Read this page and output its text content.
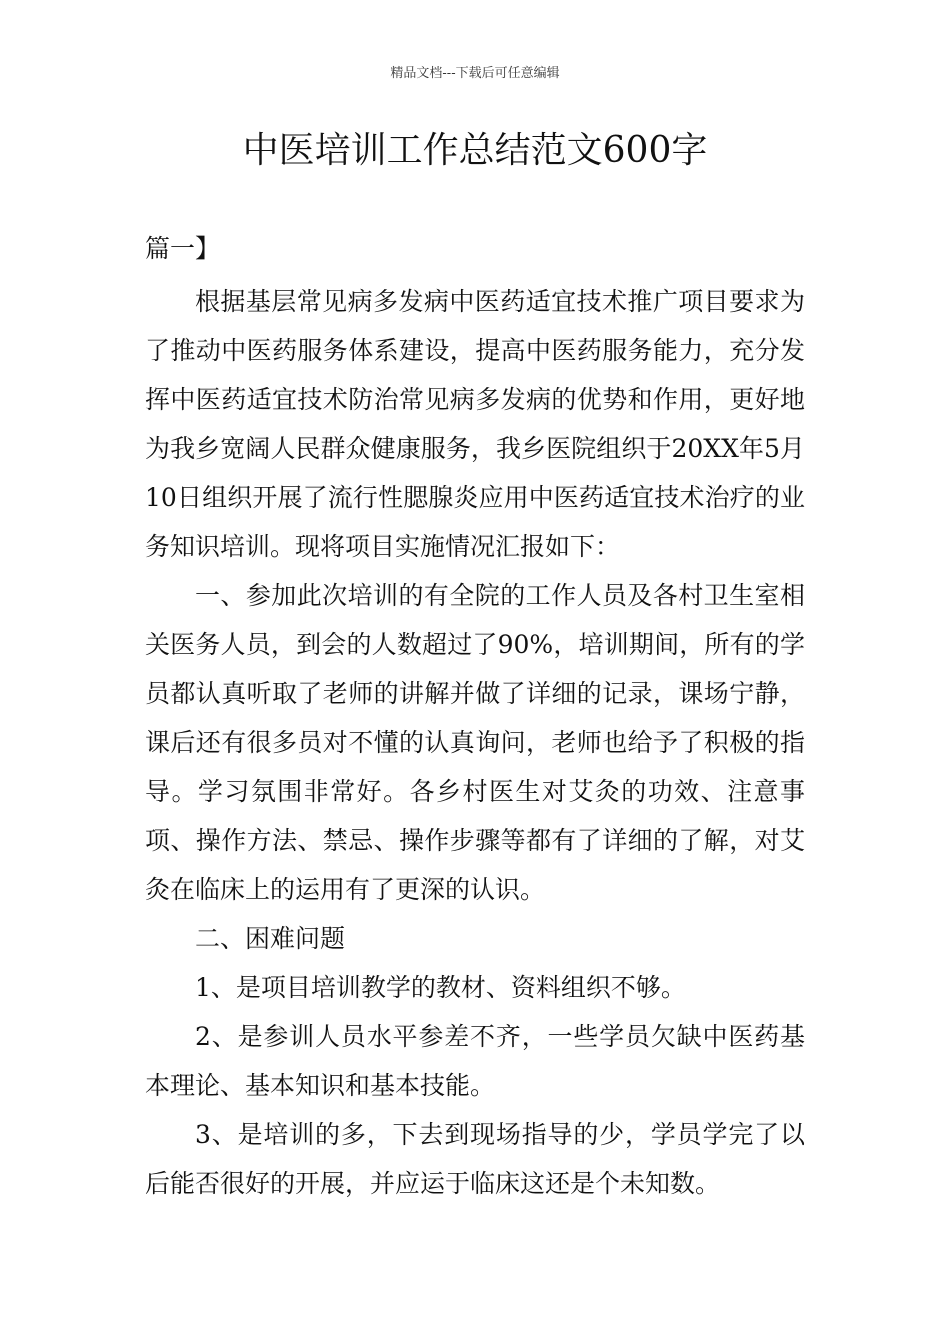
精品文档---下载后可任意编辑
中医培训工作总结范文600字

篇一】

根据基层常见病多发病中医药适宜技术推广项目要求为了推动中医药服务体系建设，提高中医药服务能力，充分发挥中医药适宜技术防治常见病多发病的优势和作用，更好地为我乡宽阔人民群众健康服务，我乡医院组织于20XX年5月10日组织开展了流行性腮腺炎应用中医药适宜技术治疗的业务知识培训。现将项目实施情况汇报如下：

一、参加此次培训的有全院的工作人员及各村卫生室相关医务人员，到会的人数超过了90%，培训期间，所有的学员都认真听取了老师的讲解并做了详细的记录，课场宁静，课后还有很多员对不懂的认真询问，老师也给予了积极的指导。学习氛围非常好。各乡村医生对艾灸的功效、注意事项、操作方法、禁忌、操作步骤等都有了详细的了解，对艾灸在临床上的运用有了更深的认识。

二、困难问题

1、是项目培训教学的教材、资料组织不够。

2、是参训人员水平参差不齐，一些学员欠缺中医药基本理论、基本知识和基本技能。

3、是培训的多，下去到现场指导的少，学员学完了以后能否很好的开展，并应运于临床这还是个未知数。
